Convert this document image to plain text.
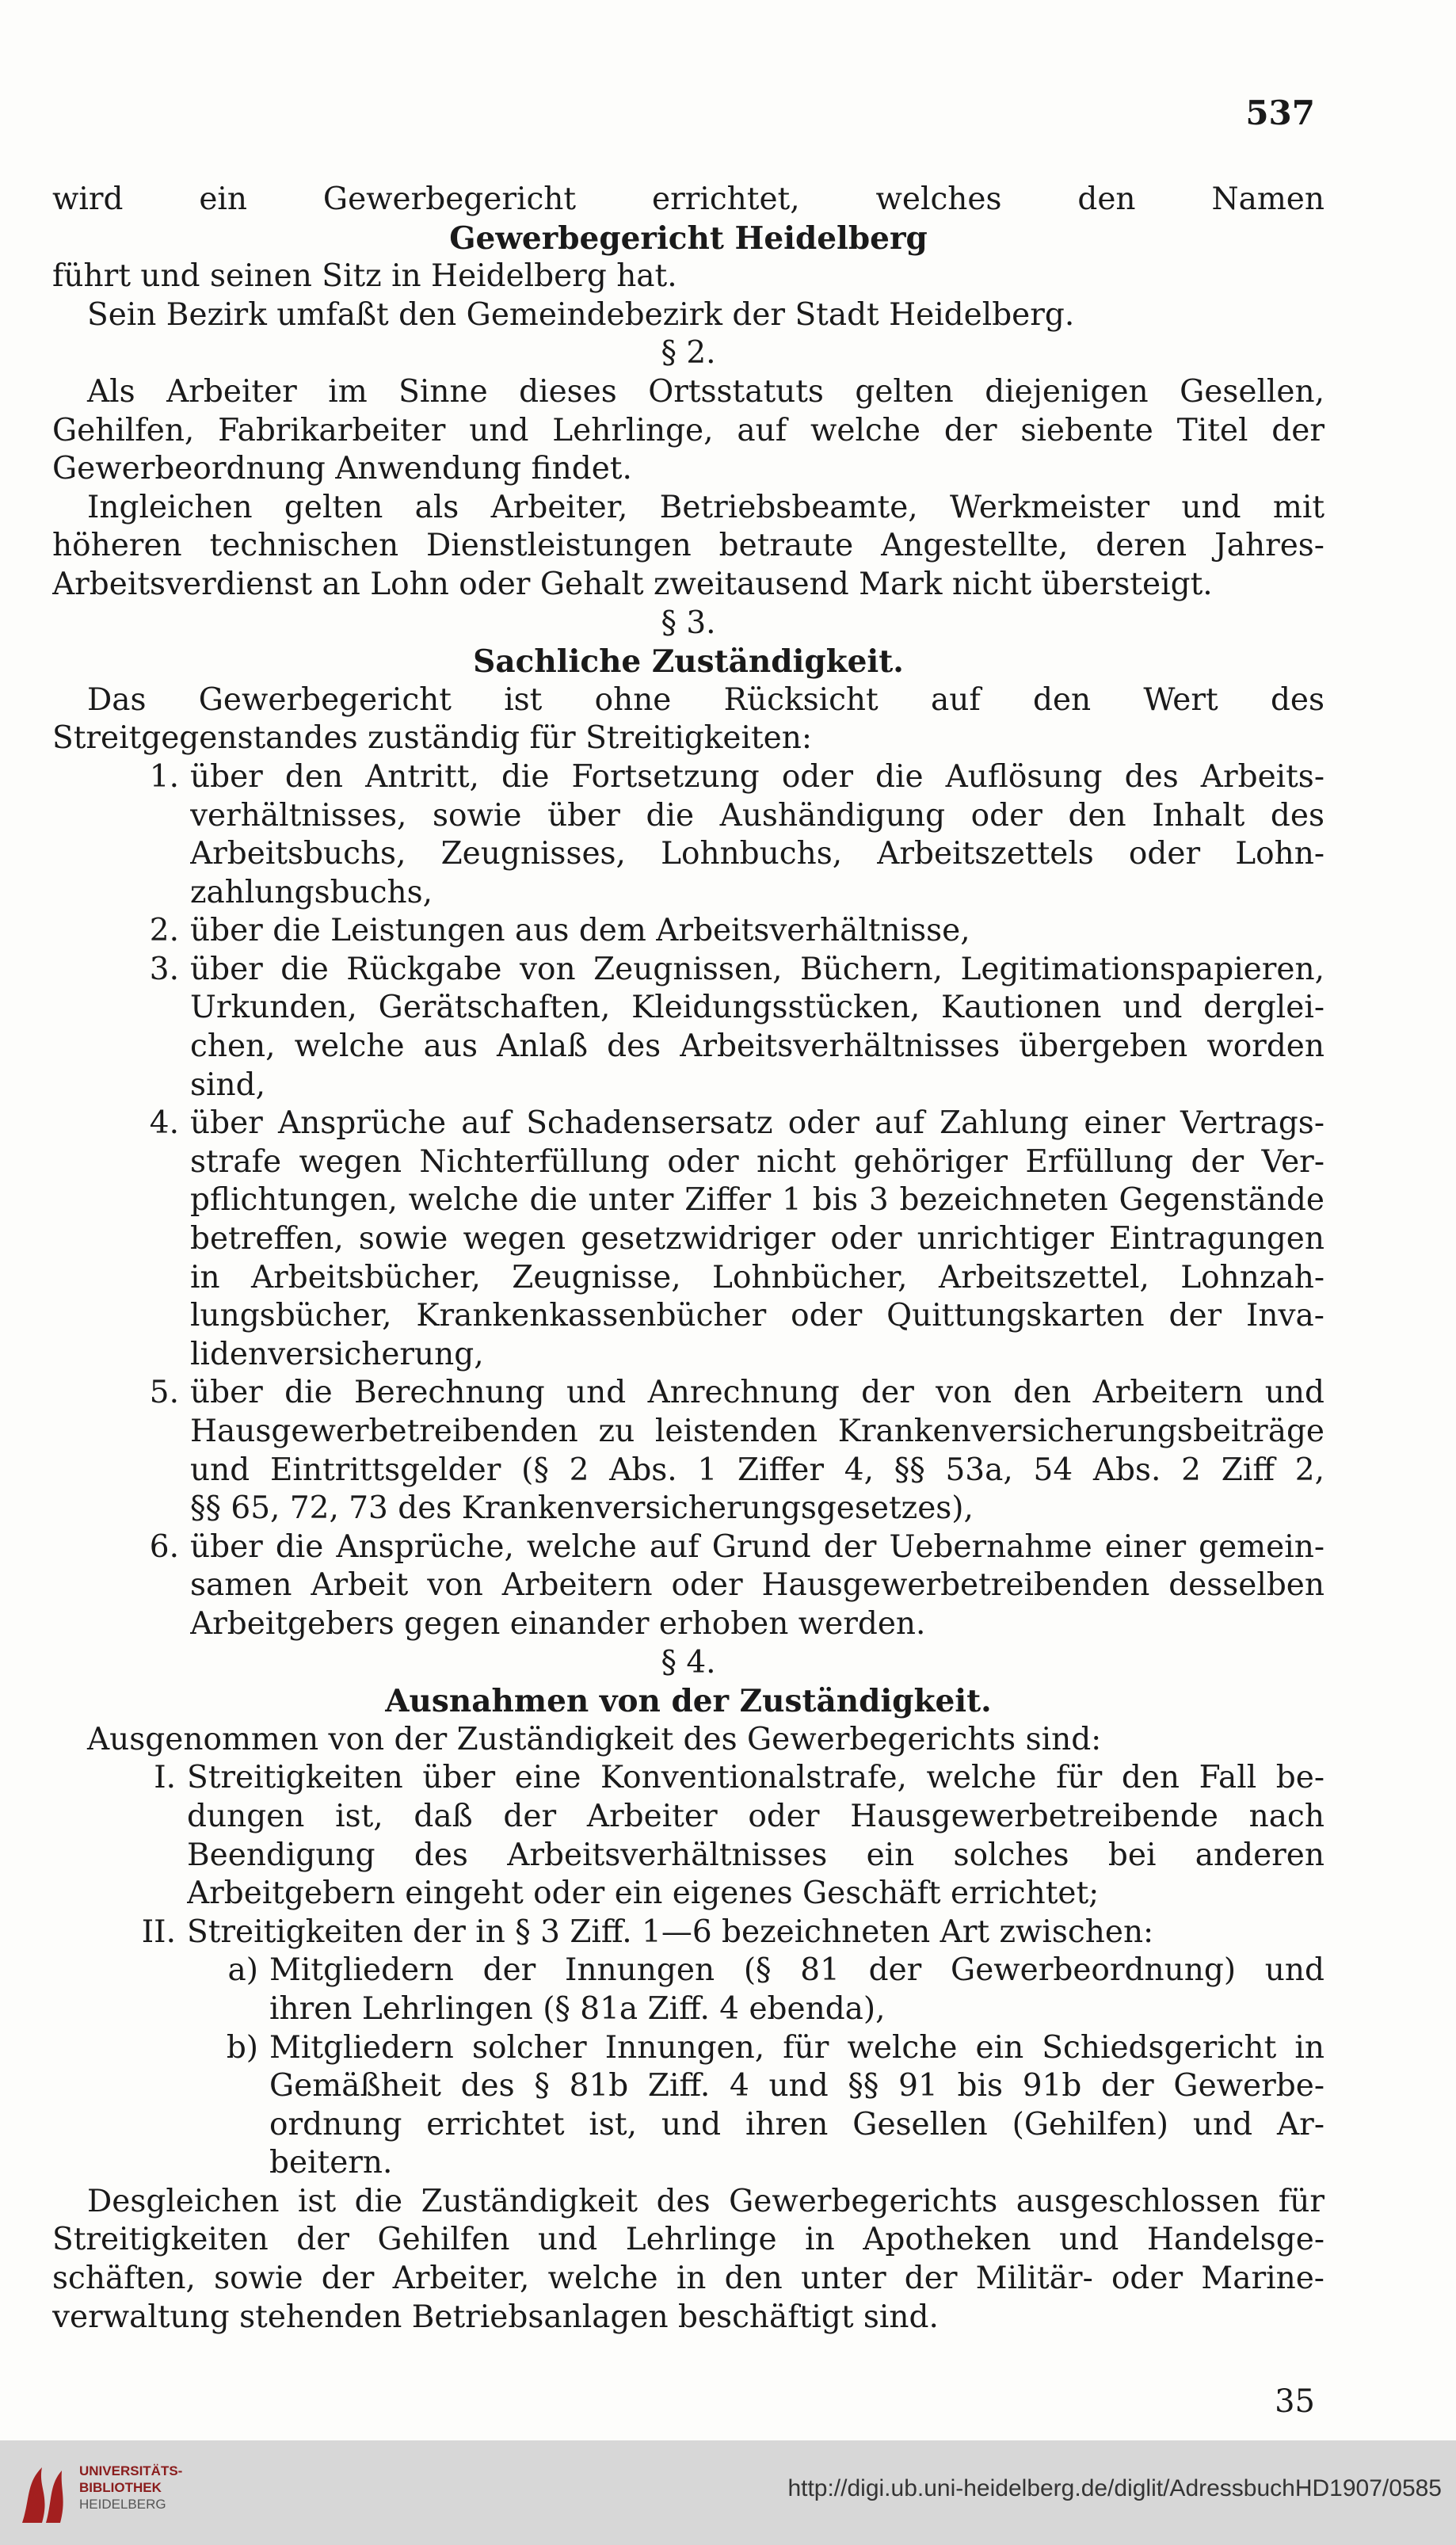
537
wird ein Gewerbegericht errichtet, welches den Namen
Gewerbegericht Heidelberg
führt und seinen Sitz in Heidelberg hat.
Sein Bezirk umfaßt den Gemeindebezirk der Stadt Heidelberg.
§ 2.
Als Arbeiter im Sinne dieses Ortsstatuts gelten diejenigen Gesellen,
Gehilfen, Fabrikarbeiter und Lehrlinge, auf welche der siebente Titel der
Gewerbeordnung Anwendung findet.
Ingleichen gelten als Arbeiter, Betriebsbeamte, Werkmeister und mit
höheren technischen Dienstleistungen betraute Angestellte, deren Jahres-
Arbeitsverdienst an Lohn oder Gehalt zweitausend Mark nicht übersteigt.
§ 3.
Sachliche Zuständigkeit.
Das Gewerbegericht ist ohne Rücksicht auf den Wert des
Streitgegenstandes zuständig für Streitigkeiten:
1. über den Antritt, die Fortsetzung oder die Auflösung des Arbeits-
verhältnisses, sowie über die Aushändigung oder den Inhalt des
Arbeitsbuchs, Zeugnisses, Lohnbuchs, Arbeitszettels oder Lohn-
zahlungsbuchs,
2. über die Leistungen aus dem Arbeitsverhältnisse,
3. über die Rückgabe von Zeugnissen, Büchern, Legitimationspapieren,
Urkunden, Gerätschaften, Kleidungsstücken, Kautionen und derglei-
chen, welche aus Anlaß des Arbeitsverhältnisses übergeben worden
sind,
4. über Ansprüche auf Schadensersatz oder auf Zahlung einer Vertrags-
strafe wegen Nichterfüllung oder nicht gehöriger Erfüllung der Ver-
pflichtungen, welche die unter Ziffer 1 bis 3 bezeichneten Gegenstände
betreffen, sowie wegen gesetzwidriger oder unrichtiger Eintragungen
in Arbeitsbücher, Zeugnisse, Lohnbücher, Arbeitszettel, Lohnzah-
lungsbücher, Krankenkassenbücher oder Quittungskarten der Inva-
lidenversicherung,
5. über die Berechnung und Anrechnung der von den Arbeitern und
Hausgewerbetreibenden zu leistenden Krankenversicherungsbeiträge
und Eintrittsgelder (§ 2 Abs. 1 Ziffer 4, §§ 53a, 54 Abs. 2 Ziff 2,
§§ 65, 72, 73 des Krankenversicherungsgesetzes),
6. über die Ansprüche, welche auf Grund der Uebernahme einer gemein-
samen Arbeit von Arbeitern oder Hausgewerbetreibenden desselben
Arbeitgebers gegen einander erhoben werden.
§ 4.
Ausnahmen von der Zuständigkeit.
Ausgenommen von der Zuständigkeit des Gewerbegerichts sind:
I. Streitigkeiten über eine Konventionalstrafe, welche für den Fall be-
dungen ist, daß der Arbeiter oder Hausgewerbetreibende nach
Beendigung des Arbeitsverhältnisses ein solches bei anderen
Arbeitgebern eingeht oder ein eigenes Geschäft errichtet;
II. Streitigkeiten der in § 3 Ziff. 1—6 bezeichneten Art zwischen:
a) Mitgliedern der Innungen (§ 81 der Gewerbeordnung) und
ihren Lehrlingen (§ 81a Ziff. 4 ebenda),
b) Mitgliedern solcher Innungen, für welche ein Schiedsgericht in
Gemäßheit des § 81b Ziff. 4 und §§ 91 bis 91b der Gewerbe-
ordnung errichtet ist, und ihren Gesellen (Gehilfen) und Ar-
beitern.
Desgleichen ist die Zuständigkeit des Gewerbegerichts ausgeschlossen für
Streitigkeiten der Gehilfen und Lehrlinge in Apotheken und Handelsge-
schäften, sowie der Arbeiter, welche in den unter der Militär- oder Marine-
verwaltung stehenden Betriebsanlagen beschäftigt sind.
35
UNIVERSITÄTS-
BIBLIOTHEK
HEIDELBERG
http://digi.ub.uni-heidelberg.de/diglit/AdressbuchHD1907/0585
